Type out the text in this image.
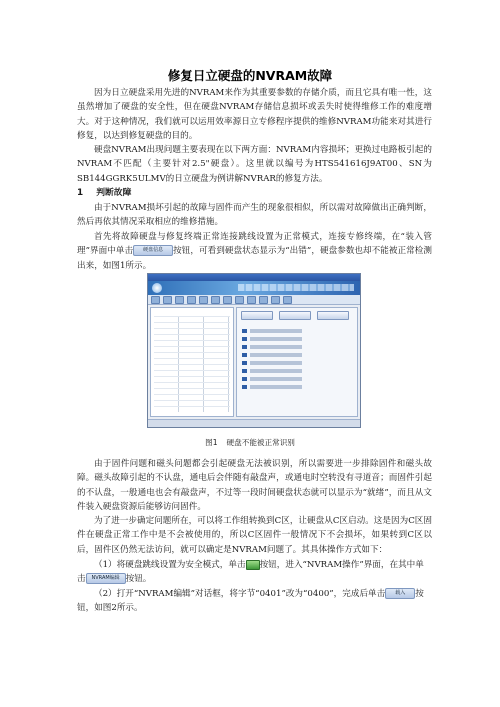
修复日立硬盘的NVRAM故障

因为日立硬盘采用先进的NVRAM来作为其重要参数的存储介质，而且它具有唯一性，这虽然增加了硬盘的安全性，但在硬盘NVRAM存储信息损坏或丢失时使得维修工作的难度增大。对于这种情况，我们就可以运用效率源日立专修程序提供的维修NVRAM功能来对其进行修复，以达到修复硬盘的目的。

硬盘NVRAM出现问题主要表现在以下两方面：NVRAM内容损坏；更换过电路板引起的NVRAM不匹配（主要针对2.5"硬盘）。这里就以编号为HTS541616J9AT00、SN为SB144GGRK5ULMV的日立硬盘为例讲解NVRAR的修复方法。

1 判断故障

由于NVRAM损坏引起的故障与固件而产生的现象很相似，所以需对故障做出正确判断，然后再依其情况采取相应的维修措施。

首先将故障硬盘与修复终端正常连接跳线设置为正常模式，连接专修终端，在“装入管理”界面中单击 硬盘信息 按钮，可看到硬盘状态显示为“出错”，硬盘参数也却不能被正常检测出来，如图1所示。

图1 硬盘不能被正常识别

由于固件问题和磁头问题都会引起硬盘无法被识别，所以需要进一步排除固件和磁头故障。磁头故障引起的不认盘，通电后会伴随有敲盘声，或通电时空转没有寻道音；而固件引起的不认盘，一般通电也会有敲盘声，不过等一段时间硬盘状态就可以显示为“就绪”，而且从文件装入硬盘资源后能够访问固件。

为了进一步确定问题所在，可以将工作组转换到C区，让硬盘从C区启动。这是因为C区固件在硬盘正常工作中是不会被使用的，所以C区固件一般情况下不会损坏，如果转到C区以后，固件区仍然无法访问，就可以确定是NVRAM问题了。其具体操作方式如下：

（1）将硬盘跳线设置为安全模式，单击 按钮，进入“NVRAM操作”界面，在其中单击 NVRAM编辑 按钮。

（2）打开“NVRAM编辑”对话框，将字节“0401”改为“0400”，完成后单击 载入 按钮，如图2所示。
